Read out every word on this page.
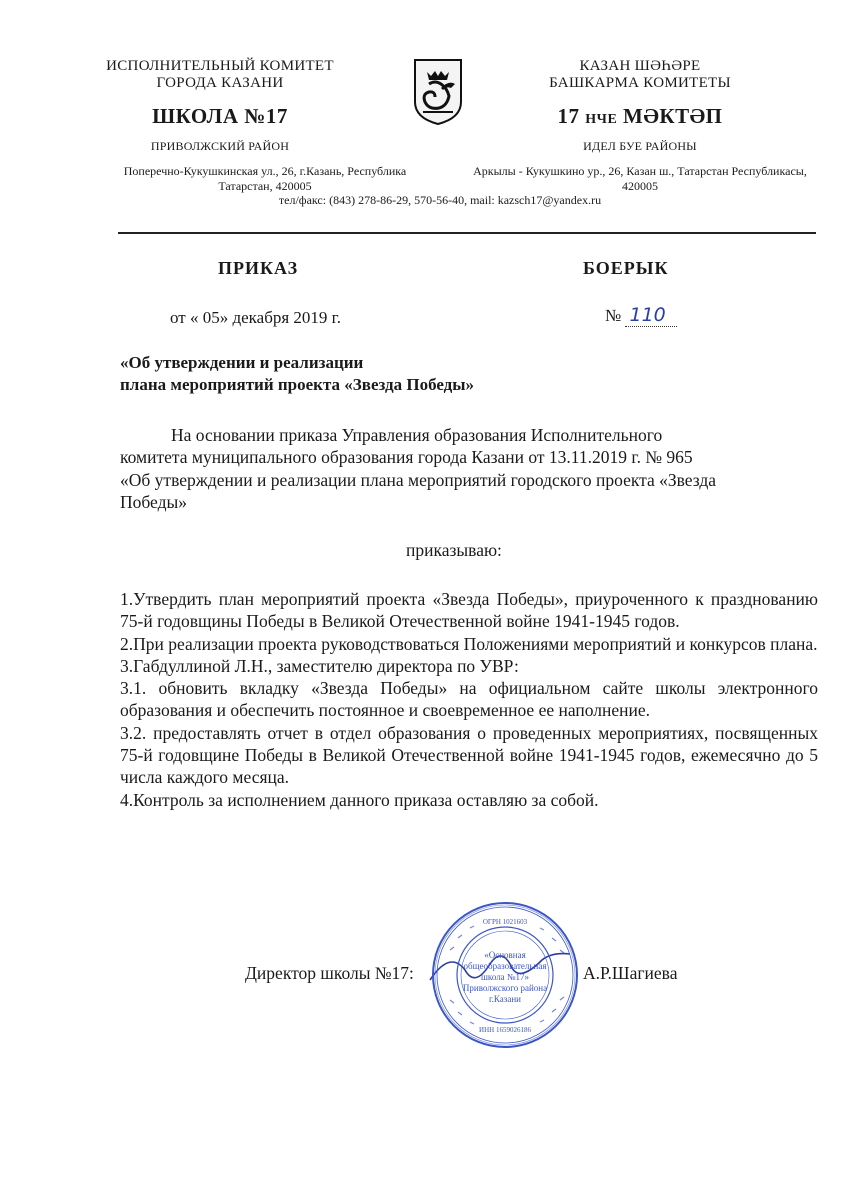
ИСПОЛНИТЕЛЬНЫЙ КОМИТЕТ
ГОРОДА КАЗАНИ
ШКОЛА №17
ПРИВОЛЖСКИЙ РАЙОН
Поперечно-Кукушкинская ул., 26, г.Казань, Республика
Татарстан, 420005
КАЗАН ШӘҺӘРЕ
БАШКАРМА КОМИТЕТЫ
17 НЧЕ МӘКТӘП
ИДЕЛ БУЕ РАЙОНЫ
Аркылы - Кукушкино ур., 26, Казан ш., Татарстан Республикасы,
420005
тел/факс: (843) 278-86-29, 570-56-40, mail: kazsch17@yandex.ru
ПРИКАЗ	БОЕРЫК
от « 05» декабря 2019 г.	№ 110
«Об утверждении и реализации
плана мероприятий проекта «Звезда Победы»
На основании приказа Управления образования Исполнительного
комитета муниципального образования города Казани от 13.11.2019 г. № 965
«Об утверждении и реализации плана мероприятий городского проекта «Звезда
Победы»
приказываю:
1.Утвердить план мероприятий проекта «Звезда Победы», приуроченного к празднованию 75-й годовщины Победы в Великой Отечественной войне 1941-1945 годов.
2.При реализации проекта руководствоваться Положениями мероприятий и конкурсов плана.
3.Габдуллиной Л.Н., заместителю директора по УВР:
3.1. обновить вкладку «Звезда Победы» на официальном сайте школы электронного образования и обеспечить постоянное и своевременное ее наполнение.
3.2. предоставлять отчет в отдел образования о проведенных мероприятиях, посвященных 75-й годовщине Победы в Великой Отечественной войне 1941-1945 годов, ежемесячно до 5 числа каждого месяца.
4.Контроль за исполнением данного приказа оставляю за собой.
Директор школы №17:	А.Р.Шагиева
«Основная
общеобразовательная
школа №17»
Приволжского района
г.Казани
ОГРН 1021603
ИНН 1659026186
